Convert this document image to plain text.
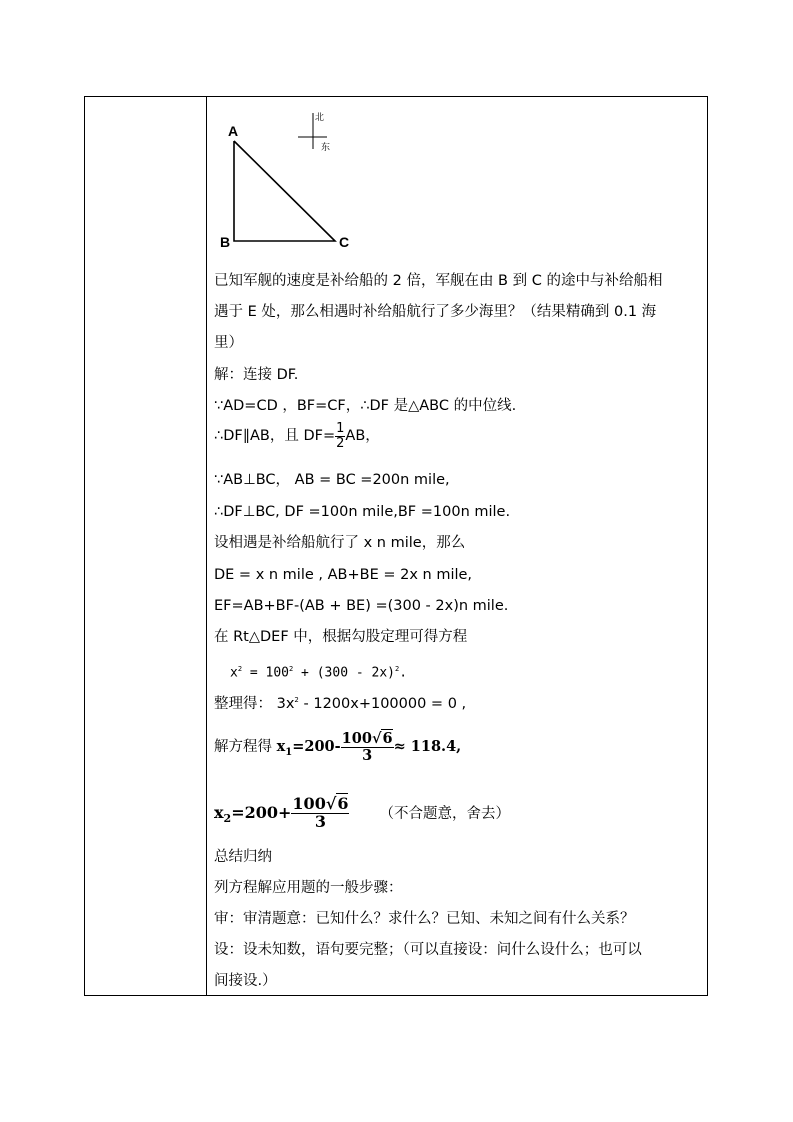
A
B	C
北
东
已知军舰的速度是补给船的 2 倍，军舰在由 B 到 C 的途中与补给船相
遇于 E 处，那么相遇时补给船航行了多少海里？（结果精确到 0.1 海
里）
解：连接 DF.
∵AD=CD ，BF=CF，∴DF 是△ABC 的中位线.
∴DF∥AB，且 $DF= \frac{1}{2}$ AB，
∵AB⊥BC， AB = BC =200n mile,
∴DF⊥BC, DF =100n mile,BF =100n mile.
设相遇是补给船航行了 x n mile，那么
DE = x n mile , AB+BE = 2x n mile,
EF=AB+BF-(AB + BE) =(300 - 2x)n mile.
在 Rt△DEF 中，根据勾股定理可得方程
$x^2 = 100^2 + (300 - 2x)^2$.
整理得： $3x^2 - 1200x+100000 = 0$ ,
解方程得 $x_1=200- \frac{100√6}{3} \approx 118.4$,
$x_2=200+ \frac{100√6}{3}$ （不合题意，舍去）
总结归纳
列方程解应用题的一般步骤：
审：审清题意：已知什么？求什么？已知、未知之间有什么关系？
设：设未知数，语句要完整；（可以直接设：问什么设什么；也可以
间接设.）
